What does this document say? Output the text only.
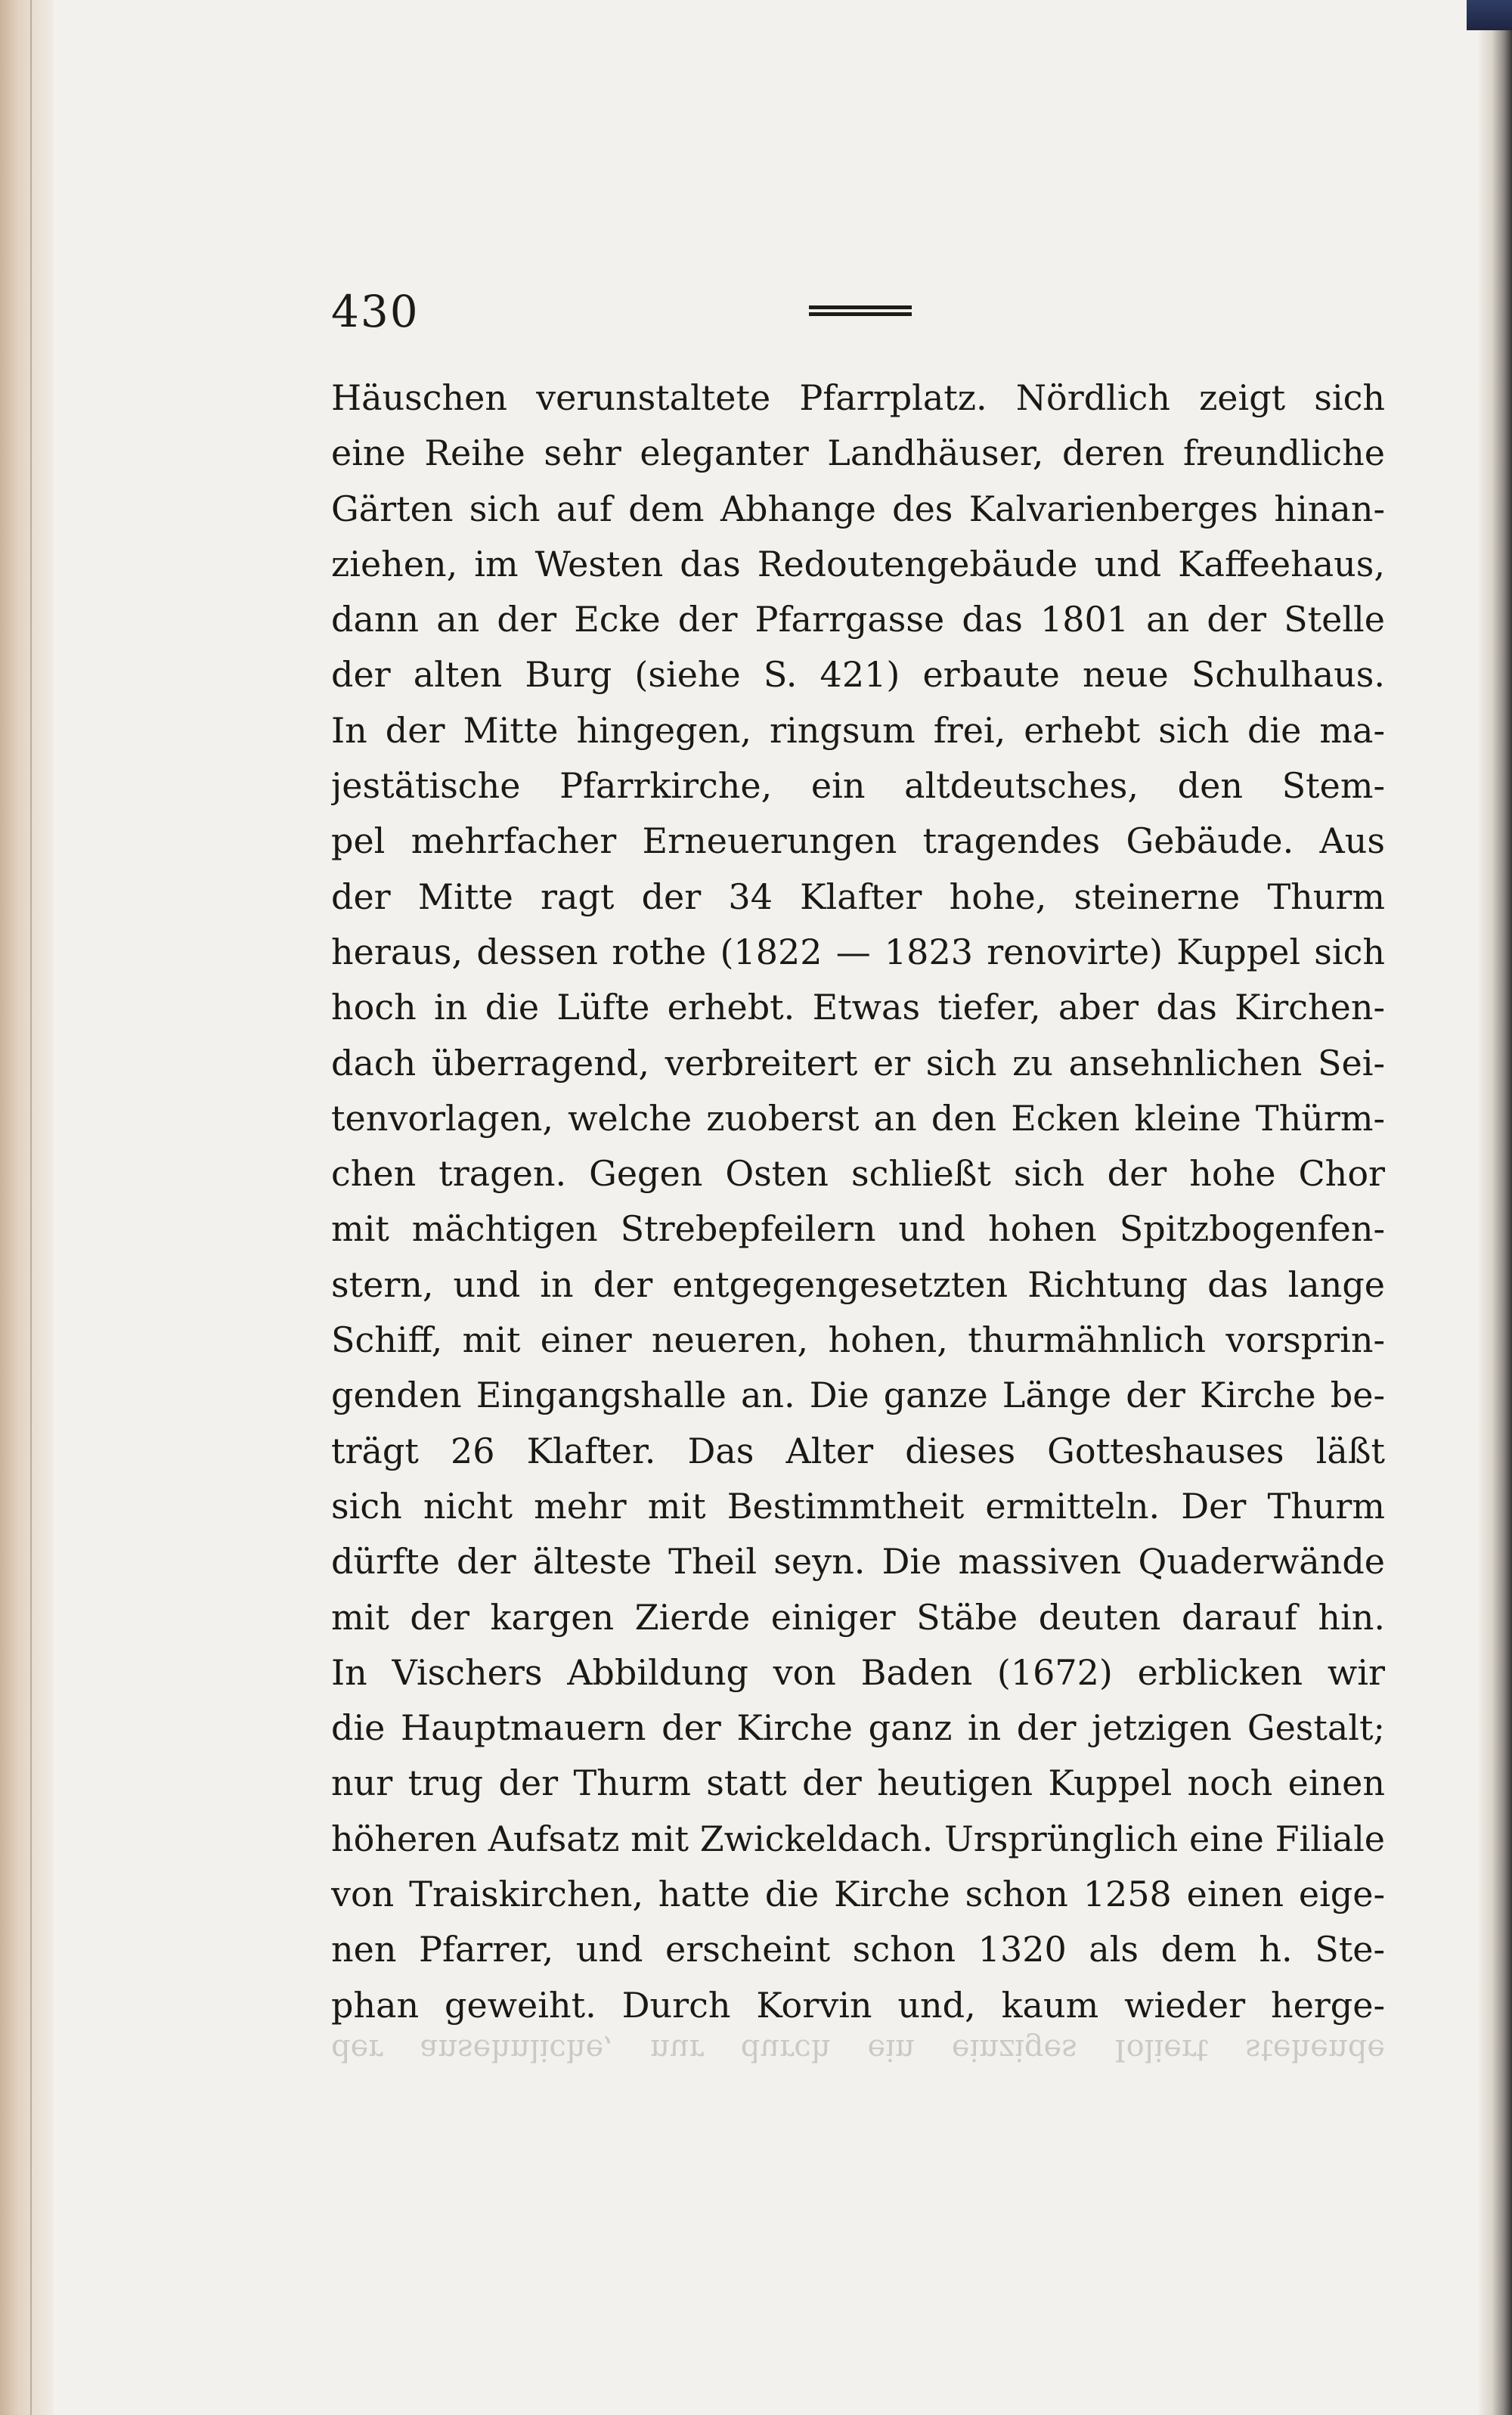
430
Häuschen verunstaltete Pfarrplatz. Nördlich zeigt sich
eine Reihe sehr eleganter Landhäuser, deren freundliche
Gärten sich auf dem Abhange des Kalvarienberges hinan-
ziehen, im Westen das Redoutengebäude und Kaffeehaus,
dann an der Ecke der Pfarrgasse das 1801 an der Stelle
der alten Burg (siehe S. 421) erbaute neue Schulhaus.
In der Mitte hingegen, ringsum frei, erhebt sich die ma-
jestätische Pfarrkirche, ein altdeutsches, den Stem-
pel mehrfacher Erneuerungen tragendes Gebäude. Aus
der Mitte ragt der 34 Klafter hohe, steinerne Thurm
heraus, dessen rothe (1822 — 1823 renovirte) Kuppel sich
hoch in die Lüfte erhebt. Etwas tiefer, aber das Kirchen-
dach überragend, verbreitert er sich zu ansehnlichen Sei-
tenvorlagen, welche zuoberst an den Ecken kleine Thürm-
chen tragen. Gegen Osten schließt sich der hohe Chor
mit mächtigen Strebepfeilern und hohen Spitzbogenfen-
stern, und in der entgegengesetzten Richtung das lange
Schiff, mit einer neueren, hohen, thurmähnlich vorsprin-
genden Eingangshalle an. Die ganze Länge der Kirche be-
trägt 26 Klafter. Das Alter dieses Gotteshauses läßt
sich nicht mehr mit Bestimmtheit ermitteln. Der Thurm
dürfte der älteste Theil seyn. Die massiven Quaderwände
mit der kargen Zierde einiger Stäbe deuten darauf hin.
In Vischers Abbildung von Baden (1672) erblicken wir
die Hauptmauern der Kirche ganz in der jetzigen Gestalt;
nur trug der Thurm statt der heutigen Kuppel noch einen
höheren Aufsatz mit Zwickeldach. Ursprünglich eine Filiale
von Traiskirchen, hatte die Kirche schon 1258 einen eige-
nen Pfarrer, und erscheint schon 1320 als dem h. Ste-
phan geweiht. Durch Korvin und, kaum wieder herge-
der ansehnliche, nur durch ein einziges Ioliert stehende
